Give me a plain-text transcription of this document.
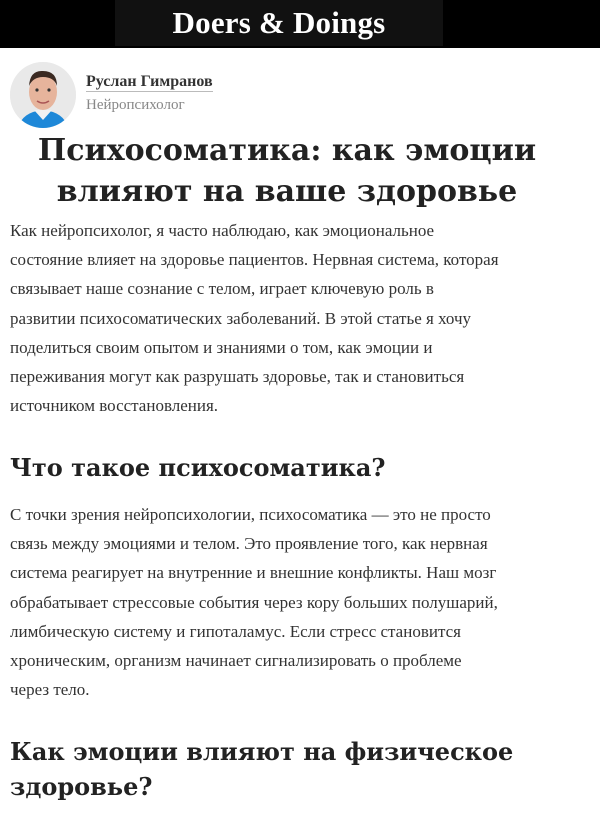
Doers & Doings
Руслан Гимранов
Нейропсихолог
Психосоматика: как эмоции
влияют на ваше здоровье
Как нейропсихолог, я часто наблюдаю, как эмоциональное
состояние влияет на здоровье пациентов. Нервная система, которая
связывает наше сознание с телом, играет ключевую роль в
развитии психосоматических заболеваний. В этой статье я хочу
поделиться своим опытом и знаниями о том, как эмоции и
переживания могут как разрушать здоровье, так и становиться
источником восстановления.
Что такое психосоматика?
С точки зрения нейропсихологии, психосоматика — это не просто
связь между эмоциями и телом. Это проявление того, как нервная
система реагирует на внутренние и внешние конфликты. Наш мозг
обрабатывает стрессовые события через кору больших полушарий,
лимбическую систему и гипоталамус. Если стресс становится
хроническим, организм начинает сигнализировать о проблеме
через тело.
Как эмоции влияют на физическое
здоровье?
